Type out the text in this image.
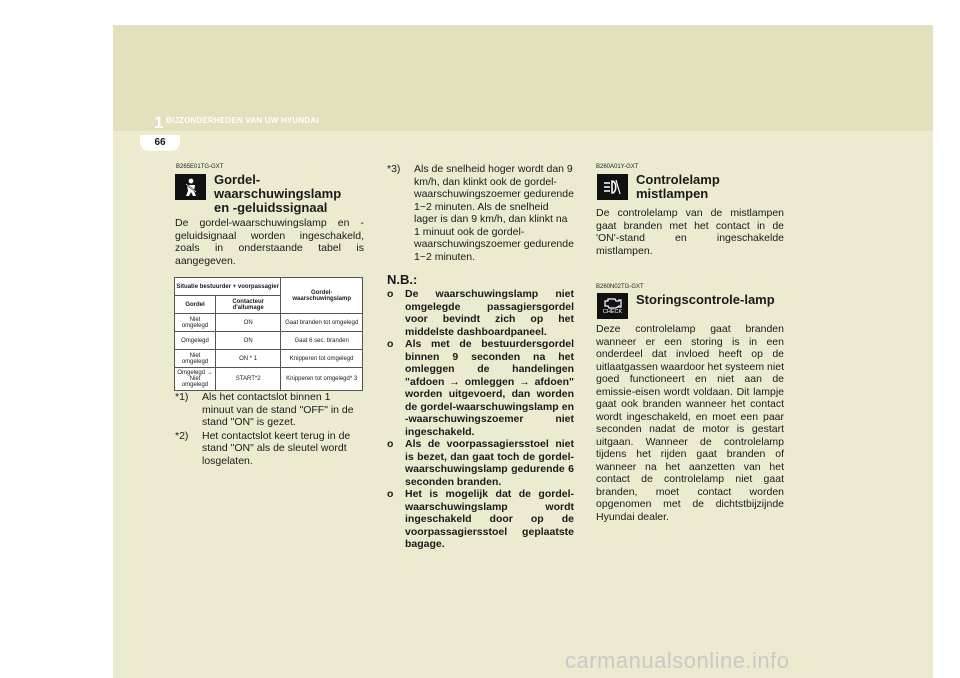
1 BIJZONDERHEDEN VAN UW HYUNDAI
66
B265E01TG-GXT
Gordel-
waarschuwingslamp
en -geluidssignaal
De gordel-waarschuwingslamp en -geluidsignaal worden ingeschakeld, zoals in onderstaande tabel is aangegeven.
Situatie bestuurder + voorpassagier		Gordel-waarschuwingslamp
Gordel	Contacteur d'allumage	
Niet omgelegd	ON	Gaat branden tot omgelegd
Omgelegd	ON	Gaat 6 sec. branden
Niet omgelegd	ON * 1	Knipperen tot omgelegd

Omgelegd →
Niet omgelegd	START*2	Knipperen tot omgelegd* 3
*1) Als het contactslot binnen 1 minuut van de stand "OFF" in de stand "ON" is gezet.
*2) Het contactslot keert terug in de stand "ON" als de sleutel wordt losgelaten.
*3) Als de snelheid hoger wordt dan 9 km/h, dan klinkt ook de gordel-waarschuwingszoemer gedurende 1~2 minuten. Als de snelheid lager is dan 9 km/h, dan klinkt na 1 minuut ook de gordel-waarschuwingszoemer gedurende 1~2 minuten.
N.B.:
o De waarschuwingslamp niet omgelegde passagiersgordel voor bevindt zich op het middelste dashboardpaneel.
o Als met de bestuurdersgordel binnen 9 seconden na het omleggen de handelingen "afdoen → omleggen → afdoen" worden uitgevoerd, dan worden de gordel-waarschuwingslamp en -waarschuwingszoemer niet ingeschakeld.
o Als de voorpassagiersstoel niet is bezet, dan gaat toch de gordel-waarschuwingslamp gedurende 6 seconden branden.
o Het is mogelijk dat de gordel-waarschuwingslamp wordt ingeschakeld door op de voorpassagiersstoel geplaatste bagage.
B260A01Y-GXT
Controlelamp
mistlampen
De controlelamp van de mistlampen gaat branden met het contact in de 'ON'-stand en ingeschakelde mistlampen.
B260N02TG-GXT
CHECK
Storingscontrole-lamp
Deze controlelamp gaat branden wanneer er een storing is in een onderdeel dat invloed heeft op de uitlaatgassen waardoor het systeem niet goed functioneert en niet aan de emissie-eisen wordt voldaan. Dit lampje gaat ook branden wanneer het contact wordt ingeschakeld, en moet een paar seconden nadat de motor is gestart uitgaan. Wanneer de controlelamp tijdens het rijden gaat branden of wanneer na het aanzetten van het contact de controlelamp niet gaat branden, moet contact worden opgenomen met de dichtstbijzijnde Hyundai dealer.
carmanualsonline.info
